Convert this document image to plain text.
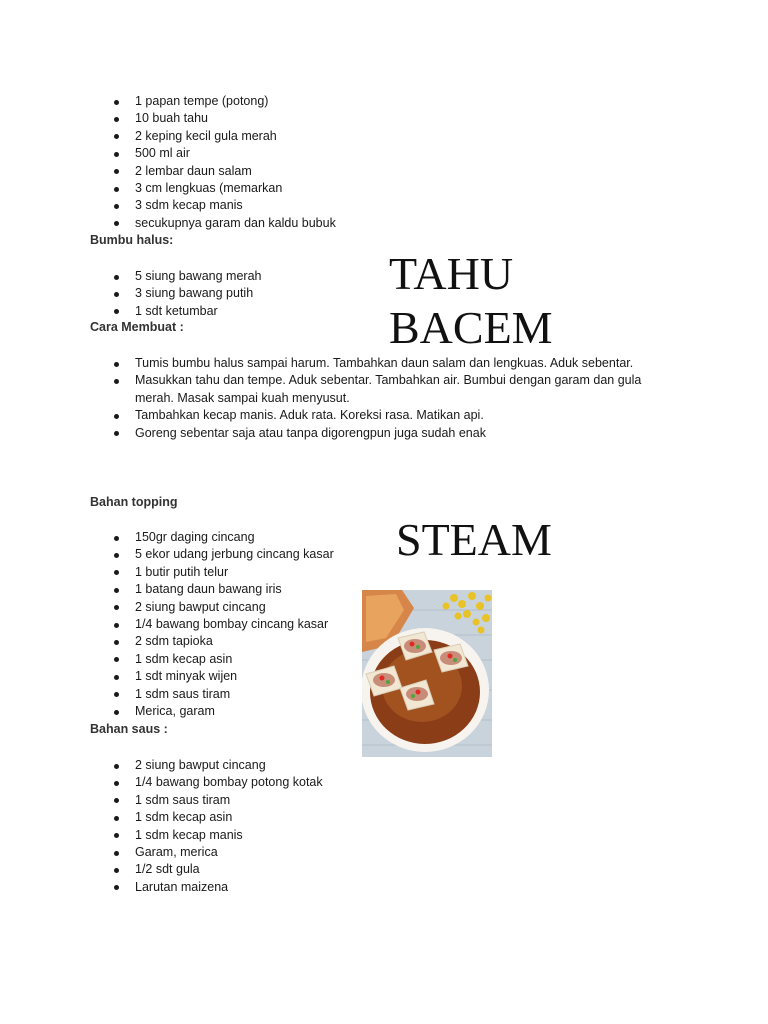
1 papan tempe (potong)
10 buah tahu
2 keping kecil gula merah
500 ml air
2 lembar daun salam
3 cm lengkuas (memarkan
3 sdm kecap manis
secukupnya garam dan kaldu bubuk
Bumbu halus:
5 siung bawang merah
3 siung bawang putih
1 sdt ketumbar
Cara Membuat :
Tumis bumbu halus sampai harum. Tambahkan daun salam dan lengkuas. Aduk sebentar.
Masukkan tahu dan tempe. Aduk sebentar. Tambahkan air. Bumbui dengan garam dan gula merah. Masak sampai kuah menyusut.
Tambahkan kecap manis. Aduk rata. Koreksi rasa. Matikan api.
Goreng sebentar saja atau tanpa digorengpun juga sudah enak
TAHU
BACEM
Bahan topping
150gr daging cincang
5 ekor udang jerbung cincang kasar
1 butir putih telur
1 batang daun bawang iris
2 siung bawput cincang
1/4 bawang bombay cincang kasar
2 sdm tapioka
1 sdm kecap asin
1 sdt minyak wijen
1 sdm saus tiram
Merica, garam
STEAM
Bahan saus :
2 siung bawput cincang
1/4 bawang bombay potong kotak
1 sdm saus tiram
1 sdm kecap asin
1 sdm kecap manis
Garam, merica
1/2 sdt gula
Larutan maizena
